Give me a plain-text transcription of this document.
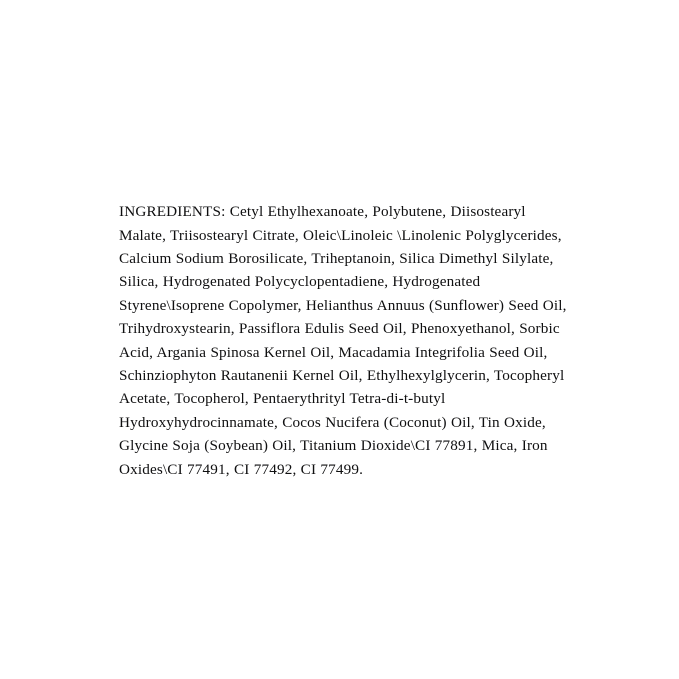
INGREDIENTS: Cetyl Ethylhexanoate, Polybutene, Diisostearyl Malate, Triisostearyl Citrate, Oleic\Linoleic \Linolenic Polyglycerides, Calcium Sodium Borosilicate, Triheptanoin, Silica Dimethyl Silylate, Silica, Hydrogenated Polycyclopentadiene, Hydrogenated Styrene\Isoprene Copolymer, Helianthus Annuus (Sunflower) Seed Oil, Trihydroxystearin, Passiflora Edulis Seed Oil, Phenoxyethanol, Sorbic Acid, Argania Spinosa Kernel Oil, Macadamia Integrifolia Seed Oil, Schinziophyton Rautanenii Kernel Oil, Ethylhexylglycerin, Tocopheryl Acetate, Tocopherol, Pentaerythrityl Tetra-di-t-butyl Hydroxyhydrocinnamate, Cocos Nucifera (Coconut) Oil, Tin Oxide, Glycine Soja (Soybean) Oil, Titanium Dioxide\CI 77891, Mica, Iron Oxides\CI 77491, CI 77492, CI 77499.
